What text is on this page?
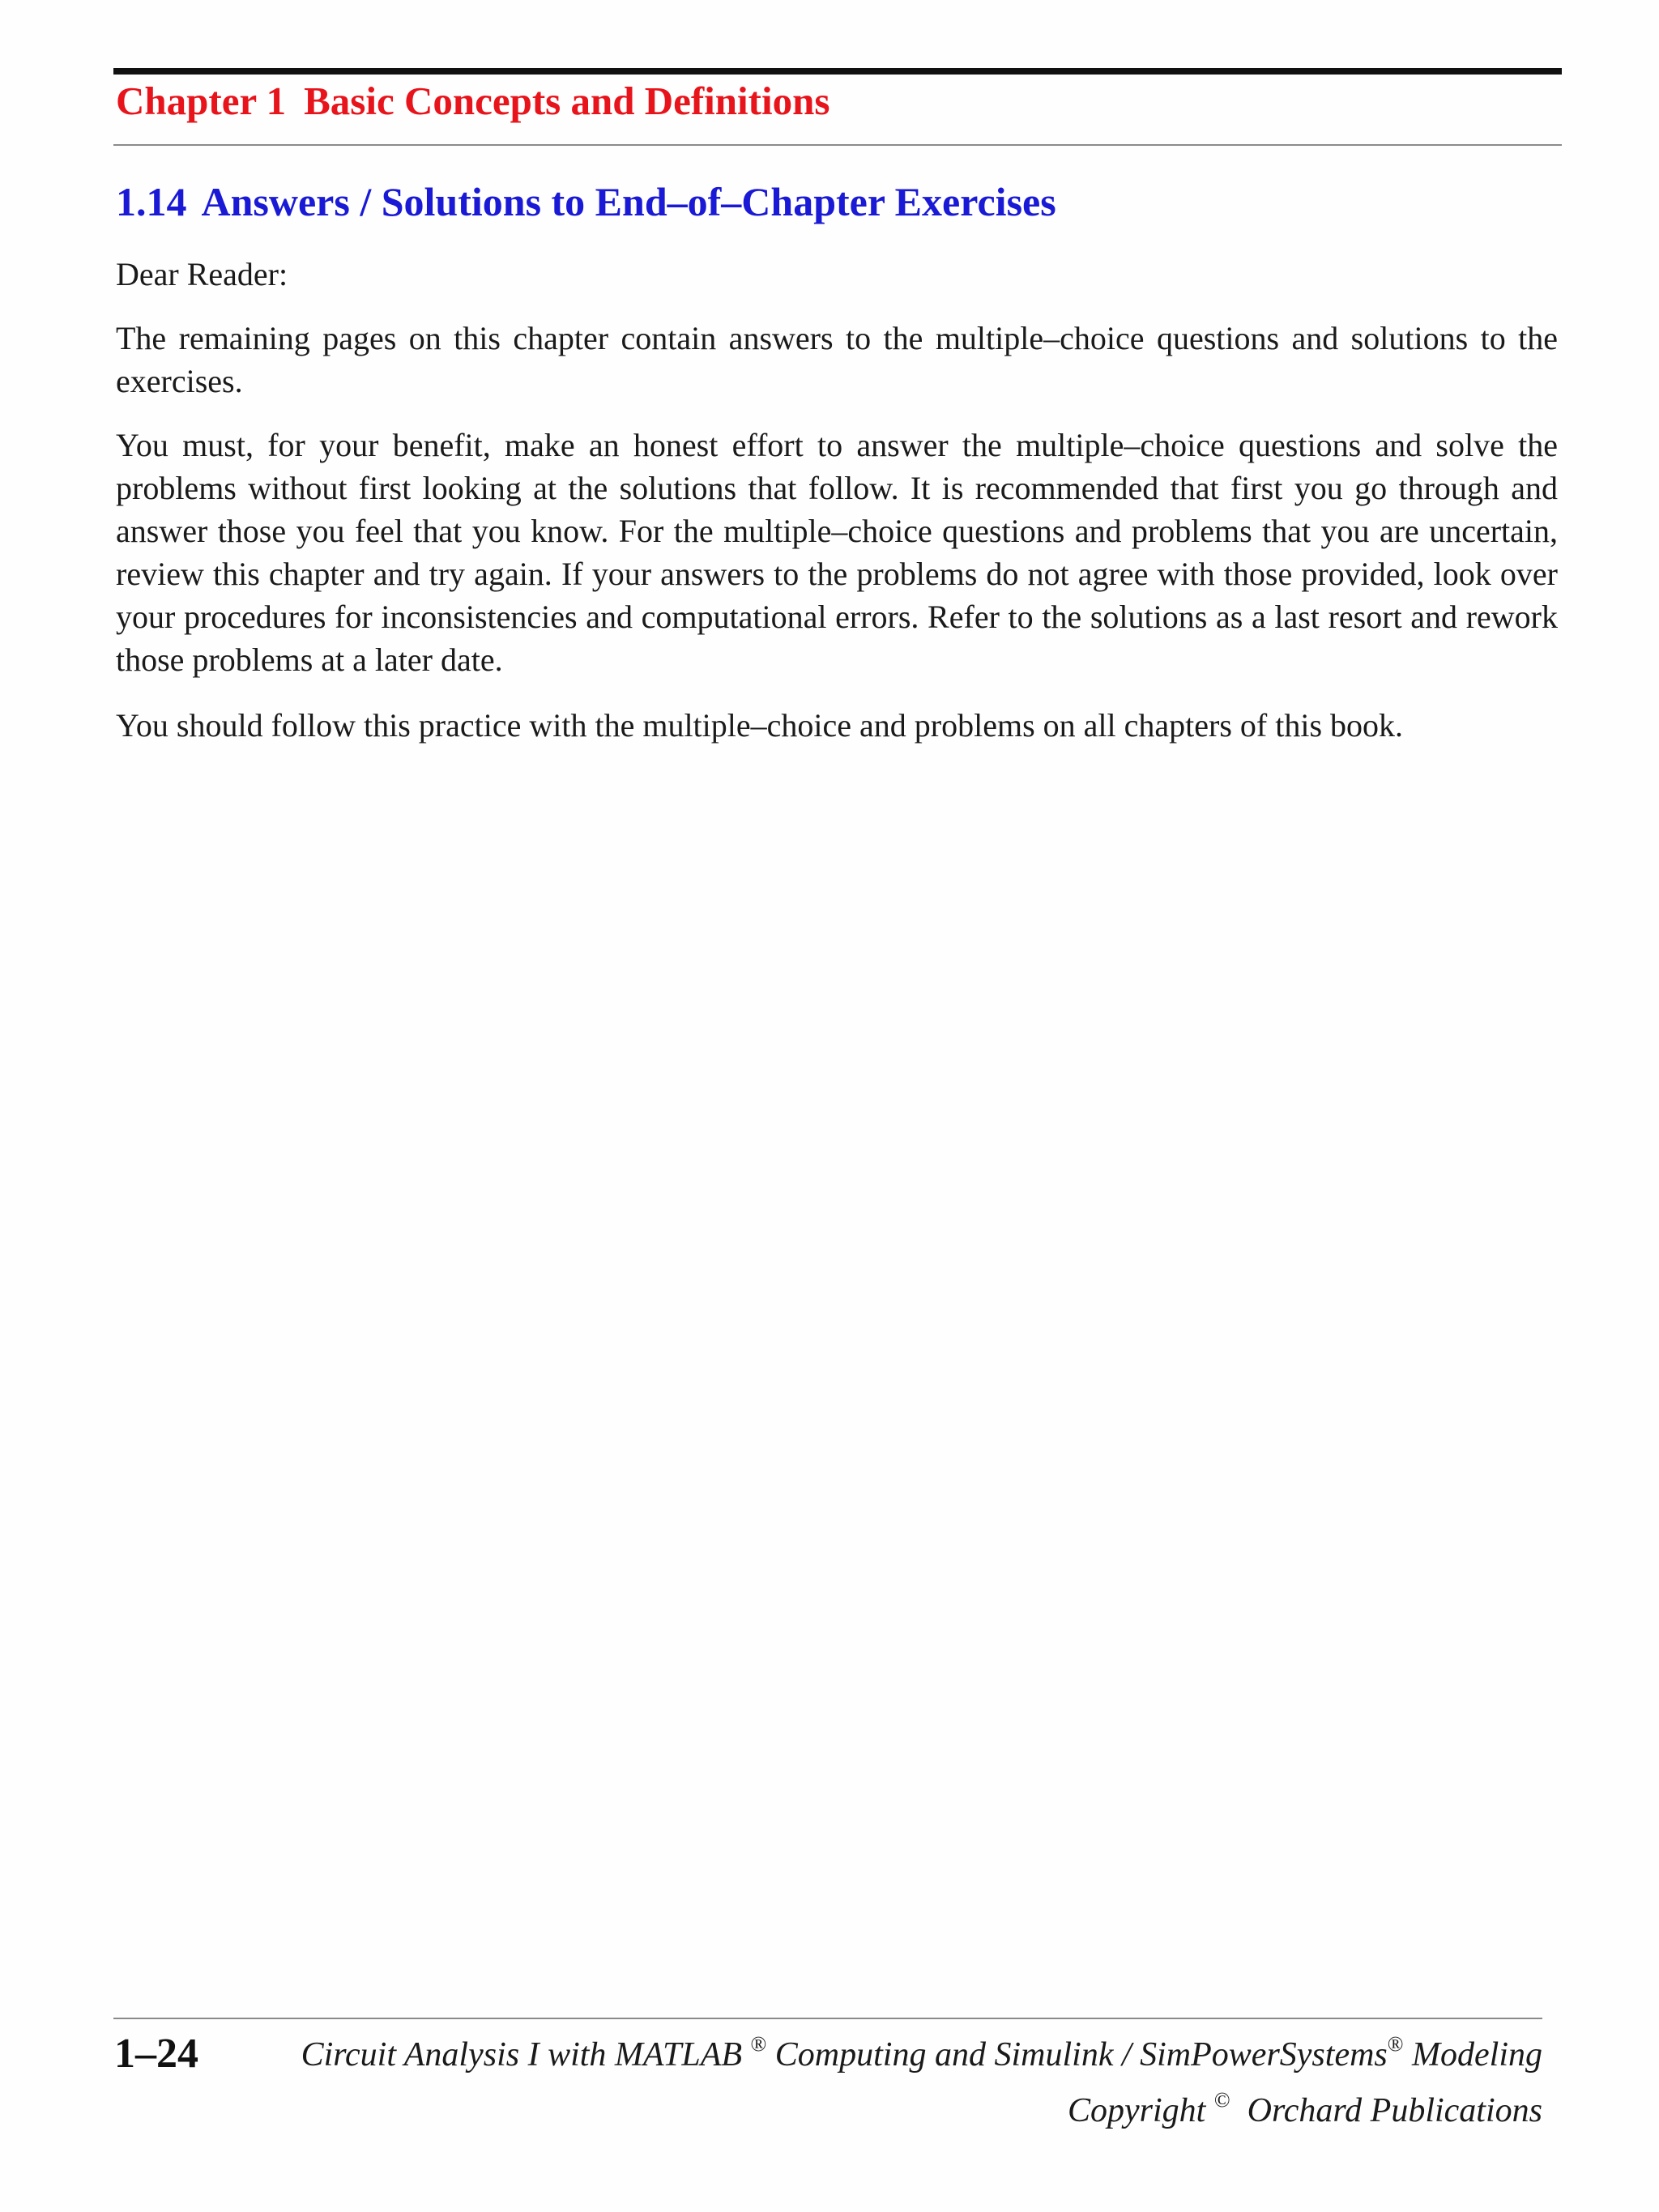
Chapter 1 Basic Concepts and Definitions
1.14 Answers / Solutions to End–of–Chapter Exercises

Dear Reader:

The remaining pages on this chapter contain answers to the multiple–choice questions and solutions to the exercises.

You must, for your benefit, make an honest effort to answer the multiple–choice questions and solve the problems without first looking at the solutions that follow. It is recommended that first you go through and answer those you feel that you know. For the multiple–choice questions and problems that you are uncertain, review this chapter and try again. If your answers to the problems do not agree with those provided, look over your procedures for inconsistencies and computational errors. Refer to the solutions as a last resort and rework those problems at a later date.

You should follow this practice with the multiple–choice and problems on all chapters of this book.

1–24	Circuit Analysis I with MATLAB ® Computing and Simulink / SimPowerSystems® Modeling

Copyright © Orchard Publications
